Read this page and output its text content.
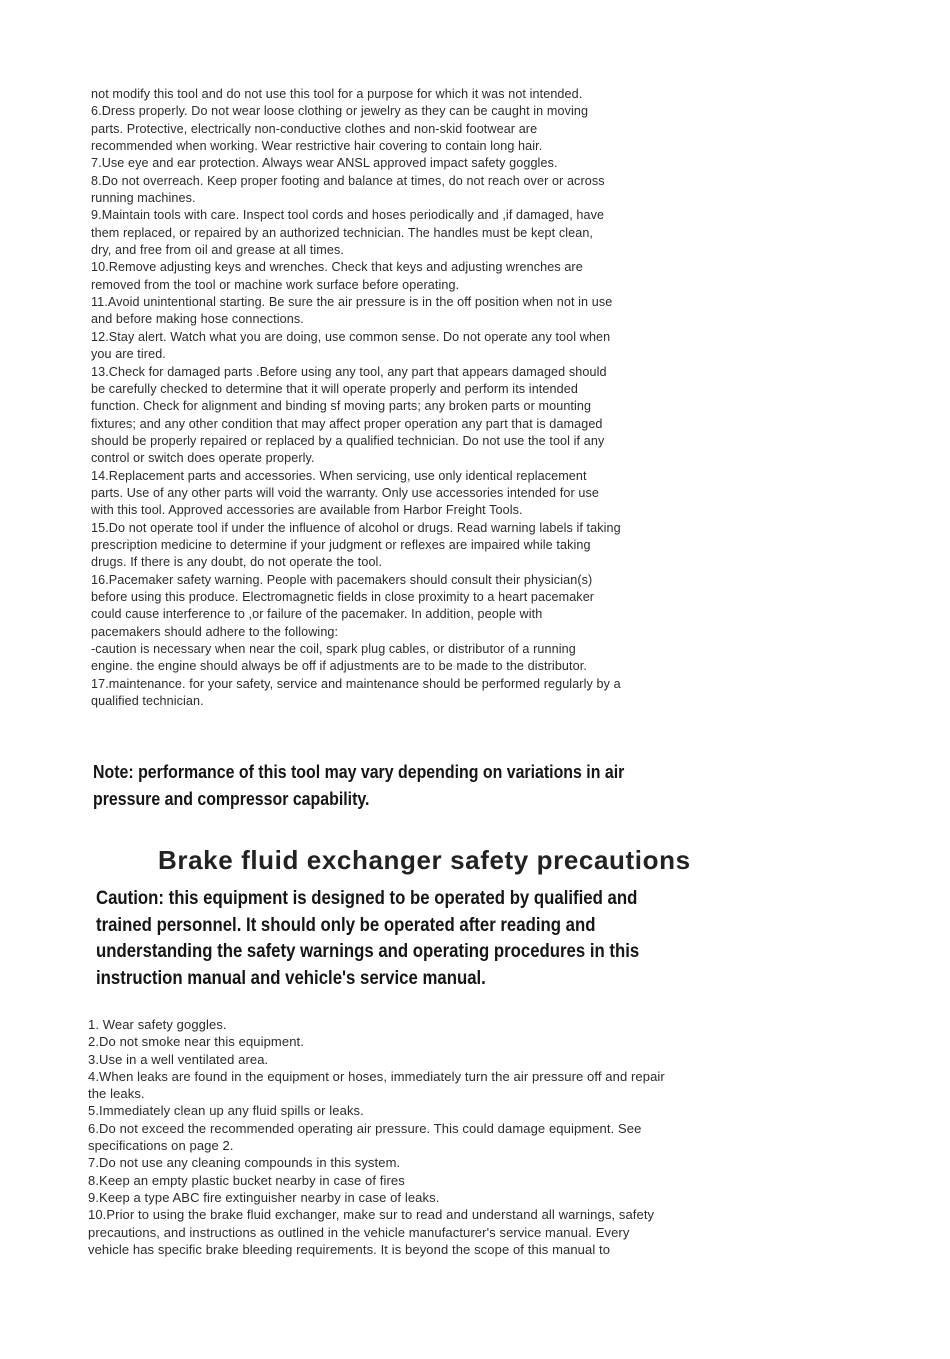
not modify this tool and do not use this tool for a purpose for which it was not intended.
6.Dress properly. Do not wear loose clothing or jewelry as they can be caught in moving
parts. Protective, electrically non-conductive clothes and non-skid footwear are
recommended when working. Wear restrictive hair covering to contain long hair.
7.Use eye and ear protection. Always wear ANSL approved impact safety goggles.
8.Do not overreach. Keep proper footing and balance at times, do not reach over or across
running machines.
9.Maintain tools with care. Inspect tool cords and hoses periodically and ,if damaged, have
them replaced, or repaired by an authorized technician. The handles must be kept clean,
dry, and free from oil and grease at all times.
10.Remove adjusting keys and wrenches. Check that keys and adjusting wrenches are
removed from the tool or machine work surface before operating.
11.Avoid unintentional starting. Be sure the air pressure is in the off position when not in use
and before making hose connections.
12.Stay alert. Watch what you are doing, use common sense. Do not operate any tool when
you are tired.
13.Check for damaged parts .Before using any tool, any part that appears damaged should
be carefully checked to determine that it will operate properly and perform its intended
function. Check for alignment and binding sf moving parts; any broken parts or mounting
fixtures; and any other condition that may affect proper operation any part that is damaged
should be properly repaired or replaced by a qualified technician. Do not use the tool if any
control or switch does operate properly.
14.Replacement parts and accessories. When servicing, use only identical replacement
parts. Use of any other parts will void the warranty. Only use accessories intended for use
with this tool. Approved accessories are available from Harbor Freight Tools.
15.Do not operate tool if under the influence of alcohol or drugs. Read warning labels if taking
prescription medicine to determine if your judgment or reflexes are impaired while taking
drugs. If there is any doubt, do not operate the tool.
16.Pacemaker safety warning. People with pacemakers should consult their physician(s)
before using this produce. Electromagnetic fields in close proximity to a heart pacemaker
could cause interference to ,or failure of the pacemaker. In addition, people with
pacemakers should adhere to the following:
-caution is necessary when near the coil, spark plug cables, or distributor of a running
engine. the engine should always be off if adjustments are to be made to the distributor.
17.maintenance. for your safety, service and maintenance should be performed regularly by a
qualified technician.
Note: performance of this tool may vary depending on variations in air
pressure and compressor capability.
Brake fluid exchanger safety precautions
Caution: this equipment is designed to be operated by qualified and
trained personnel. It should only be operated after reading and
understanding the safety warnings and operating procedures in this
instruction manual and vehicle's service manual.
1. Wear safety goggles.
2.Do not smoke near this equipment.
3.Use in a well ventilated area.
4.When leaks are found in the equipment or hoses, immediately turn the air pressure off and repair
the leaks.
5.Immediately clean up any fluid spills or leaks.
6.Do not exceed the recommended operating air pressure. This could damage equipment. See
specifications on page 2.
7.Do not use any cleaning compounds in this system.
8.Keep an empty plastic bucket nearby in case of fires
9.Keep a type ABC fire extinguisher nearby in case of leaks.
10.Prior to using the brake fluid exchanger, make sur to read and understand all warnings, safety
precautions, and instructions as outlined in the vehicle manufacturer's service manual. Every
vehicle has specific brake bleeding requirements. It is beyond the scope of this manual to
